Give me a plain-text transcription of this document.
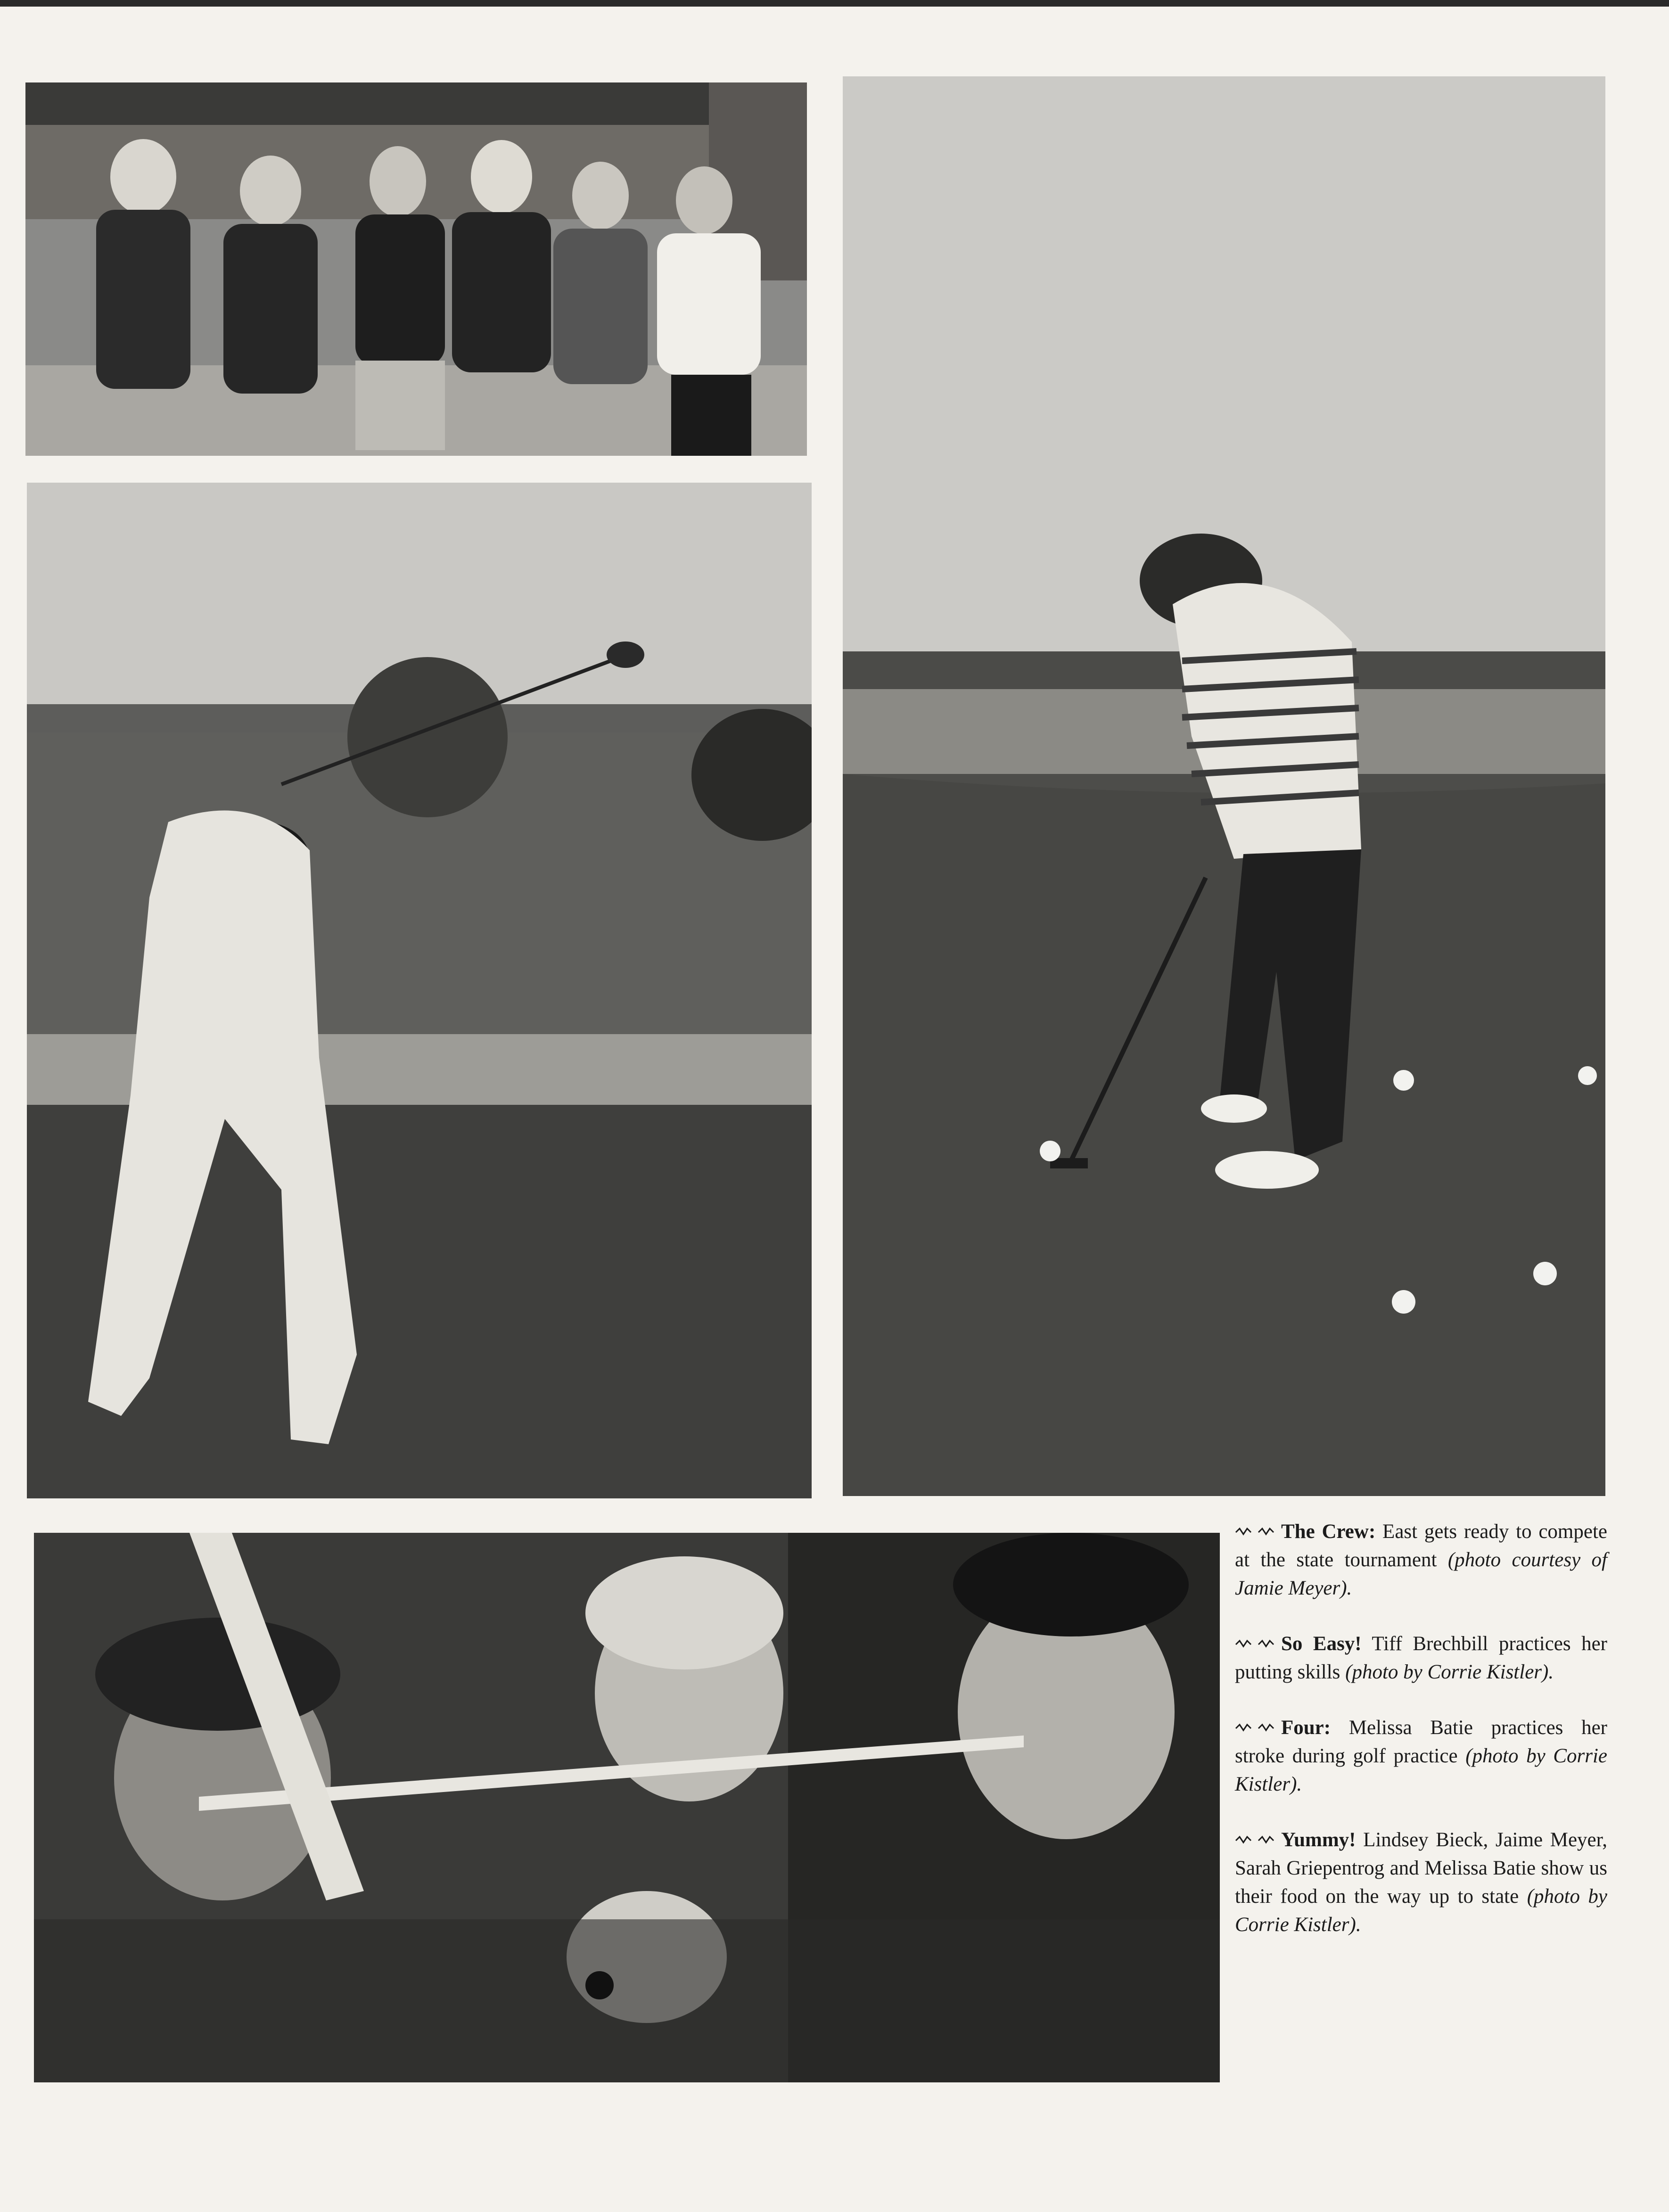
The Crew: East gets ready to compete at the state tournament (photo courtesy of Jamie Meyer).

So Easy! Tiff Brechbill practices her putting skills (photo by Corrie Kistler).

Four: Melissa Batie practices her stroke during golf practice (photo by Corrie Kistler).

Yummy! Lindsey Bieck, Jaime Meyer, Sarah Griepentrog and Melissa Batie show us their food on the way up to state (photo by Corrie Kistler).
